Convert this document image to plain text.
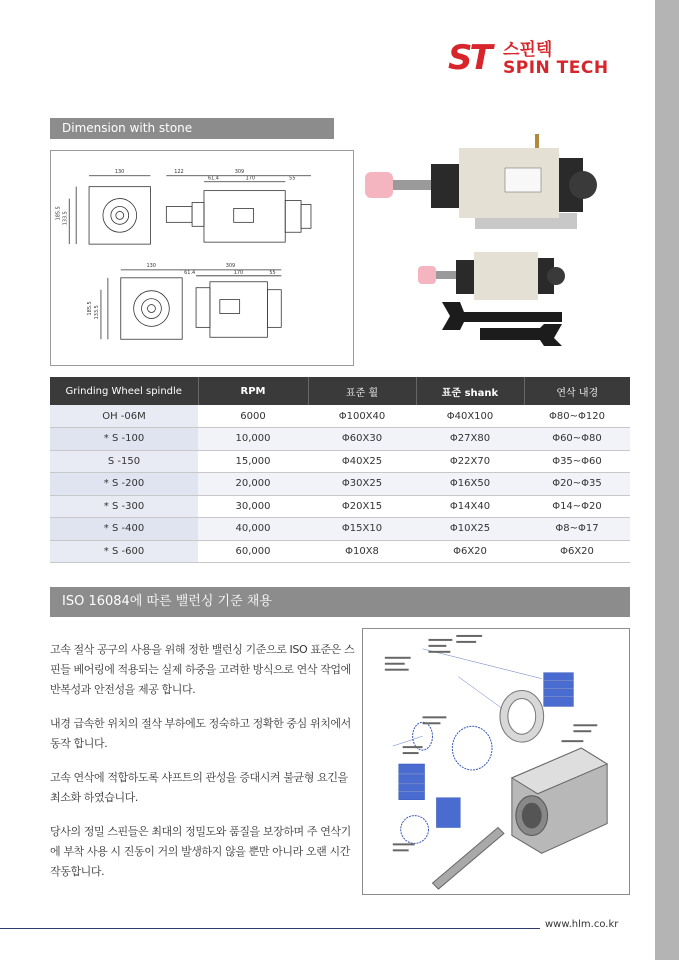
ST 스핀텍
SPIN TECH
Dimension with stone
130	122	309
61.4	170	55
185.5 133.5
130	309
61.4	170	55
185.5 133.5
Grinding Wheel spindle	RPM	표준 휠	표준 shank	연삭 내경
OH -06M	6000	Φ100X40	Φ40X100	Φ80~Φ120
* S -100	10,000	Φ60X30	Φ27X80	Φ60~Φ80
S -150	15,000	Φ40X25	Φ22X70	Φ35~Φ60
* S -200	20,000	Φ30X25	Φ16X50	Φ20~Φ35
* S -300	30,000	Φ20X15	Φ14X40	Φ14~Φ20
* S -400	40,000	Φ15X10	Φ10X25	Φ8~Φ17
* S -600	60,000	Φ10X8	Φ6X20	Φ6X20
ISO 16084에 따른 밸런싱 기준 채용

고속 절삭 공구의 사용을 위해 정한 밸런싱 기준으로 ISO 표준은 스핀들 베어링에 적용되는 실제 하중을 고려한 방식으로 연삭 작업에 반복성과 안전성을 제공 합니다.

내경 급속한 위치의 절삭 부하에도 정숙하고 정확한 중심 위치에서 동작 합니다.

고속 연삭에 적합하도록 샤프트의 관성을 증대시켜 불균형 요긴을 최소화 하였습니다.

당사의 정밀 스핀들은 최대의 정밀도와 품질을 보장하며 주 연삭기에 부착 사용 시 진동이 거의 발생하지 않을 뿐만 아니라 오랜 시간 작동합니다.

www.hlm.co.kr
